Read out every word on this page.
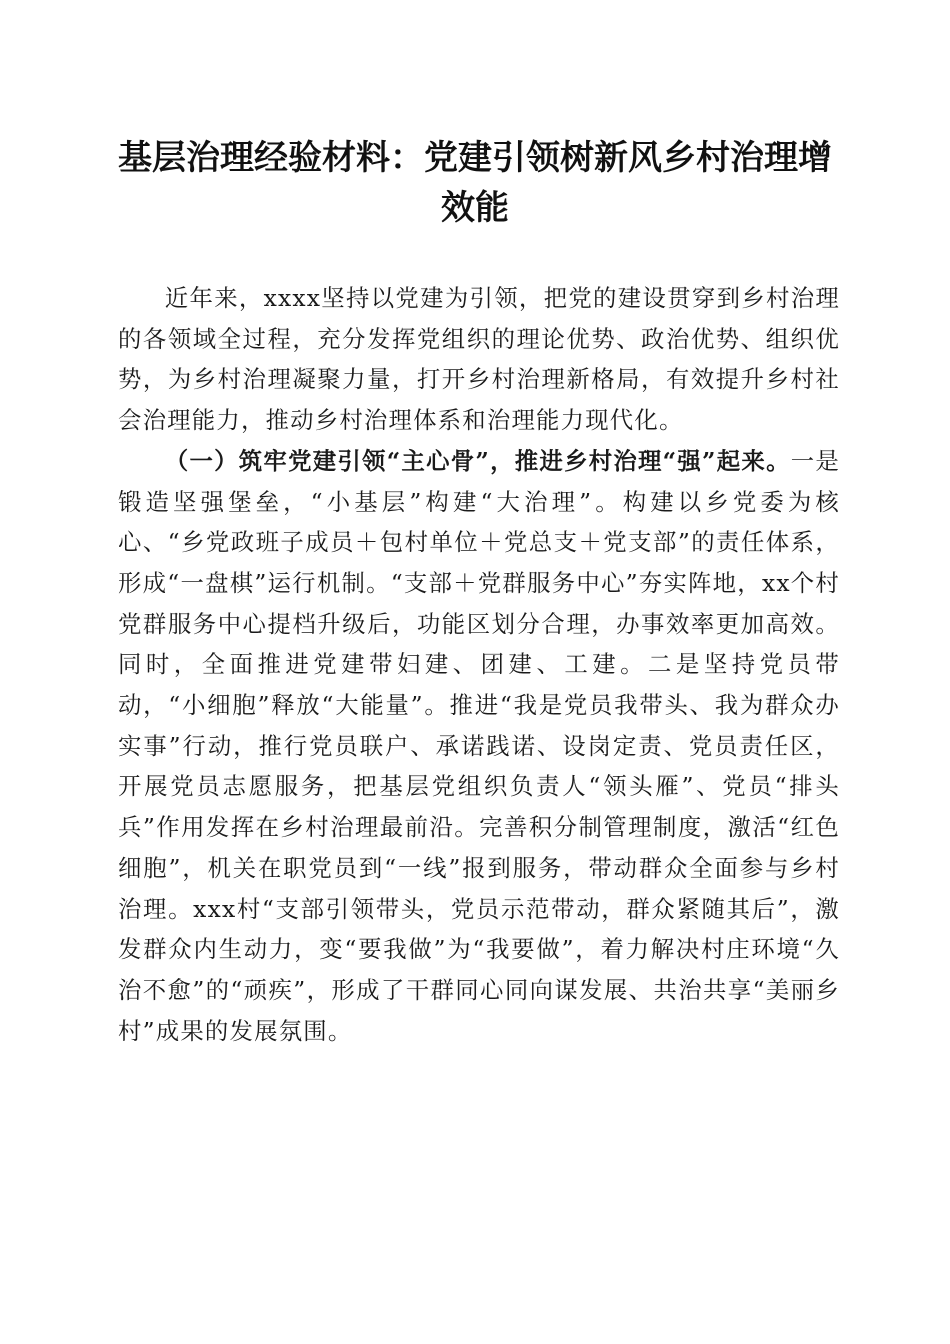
基层治理经验材料：党建引领树新风乡村治理增效能

近年来，xxxx坚持以党建为引领，把党的建设贯穿到乡村治理的各领域全过程，充分发挥党组织的理论优势、政治优势、组织优势，为乡村治理凝聚力量，打开乡村治理新格局，有效提升乡村社会治理能力，推动乡村治理体系和治理能力现代化。

（一）筑牢党建引领“主心骨”，推进乡村治理“强”起来。一是锻造坚强堡垒，“小基层”构建“大治理”。构建以乡党委为核心、“乡党政班子成员＋包村单位＋党总支＋党支部”的责任体系，形成“一盘棋”运行机制。“支部＋党群服务中心”夯实阵地，xx个村党群服务中心提档升级后，功能区划分合理，办事效率更加高效。同时，全面推进党建带妇建、团建、工建。二是坚持党员带动，“小细胞”释放“大能量”。推进“我是党员我带头、我为群众办实事”行动，推行党员联户、承诺践诺、设岗定责、党员责任区，开展党员志愿服务，把基层党组织负责人“领头雁”、党员“排头兵”作用发挥在乡村治理最前沿。完善积分制管理制度，激活“红色细胞”，机关在职党员到“一线”报到服务，带动群众全面参与乡村治理。xxx村“支部引领带头，党员示范带动，群众紧随其后”，激发群众内生动力，变“要我做”为“我要做”，着力解决村庄环境“久治不愈”的“顽疾”，形成了干群同心同向谋发展、共治共享“美丽乡村”成果的发展氛围。
